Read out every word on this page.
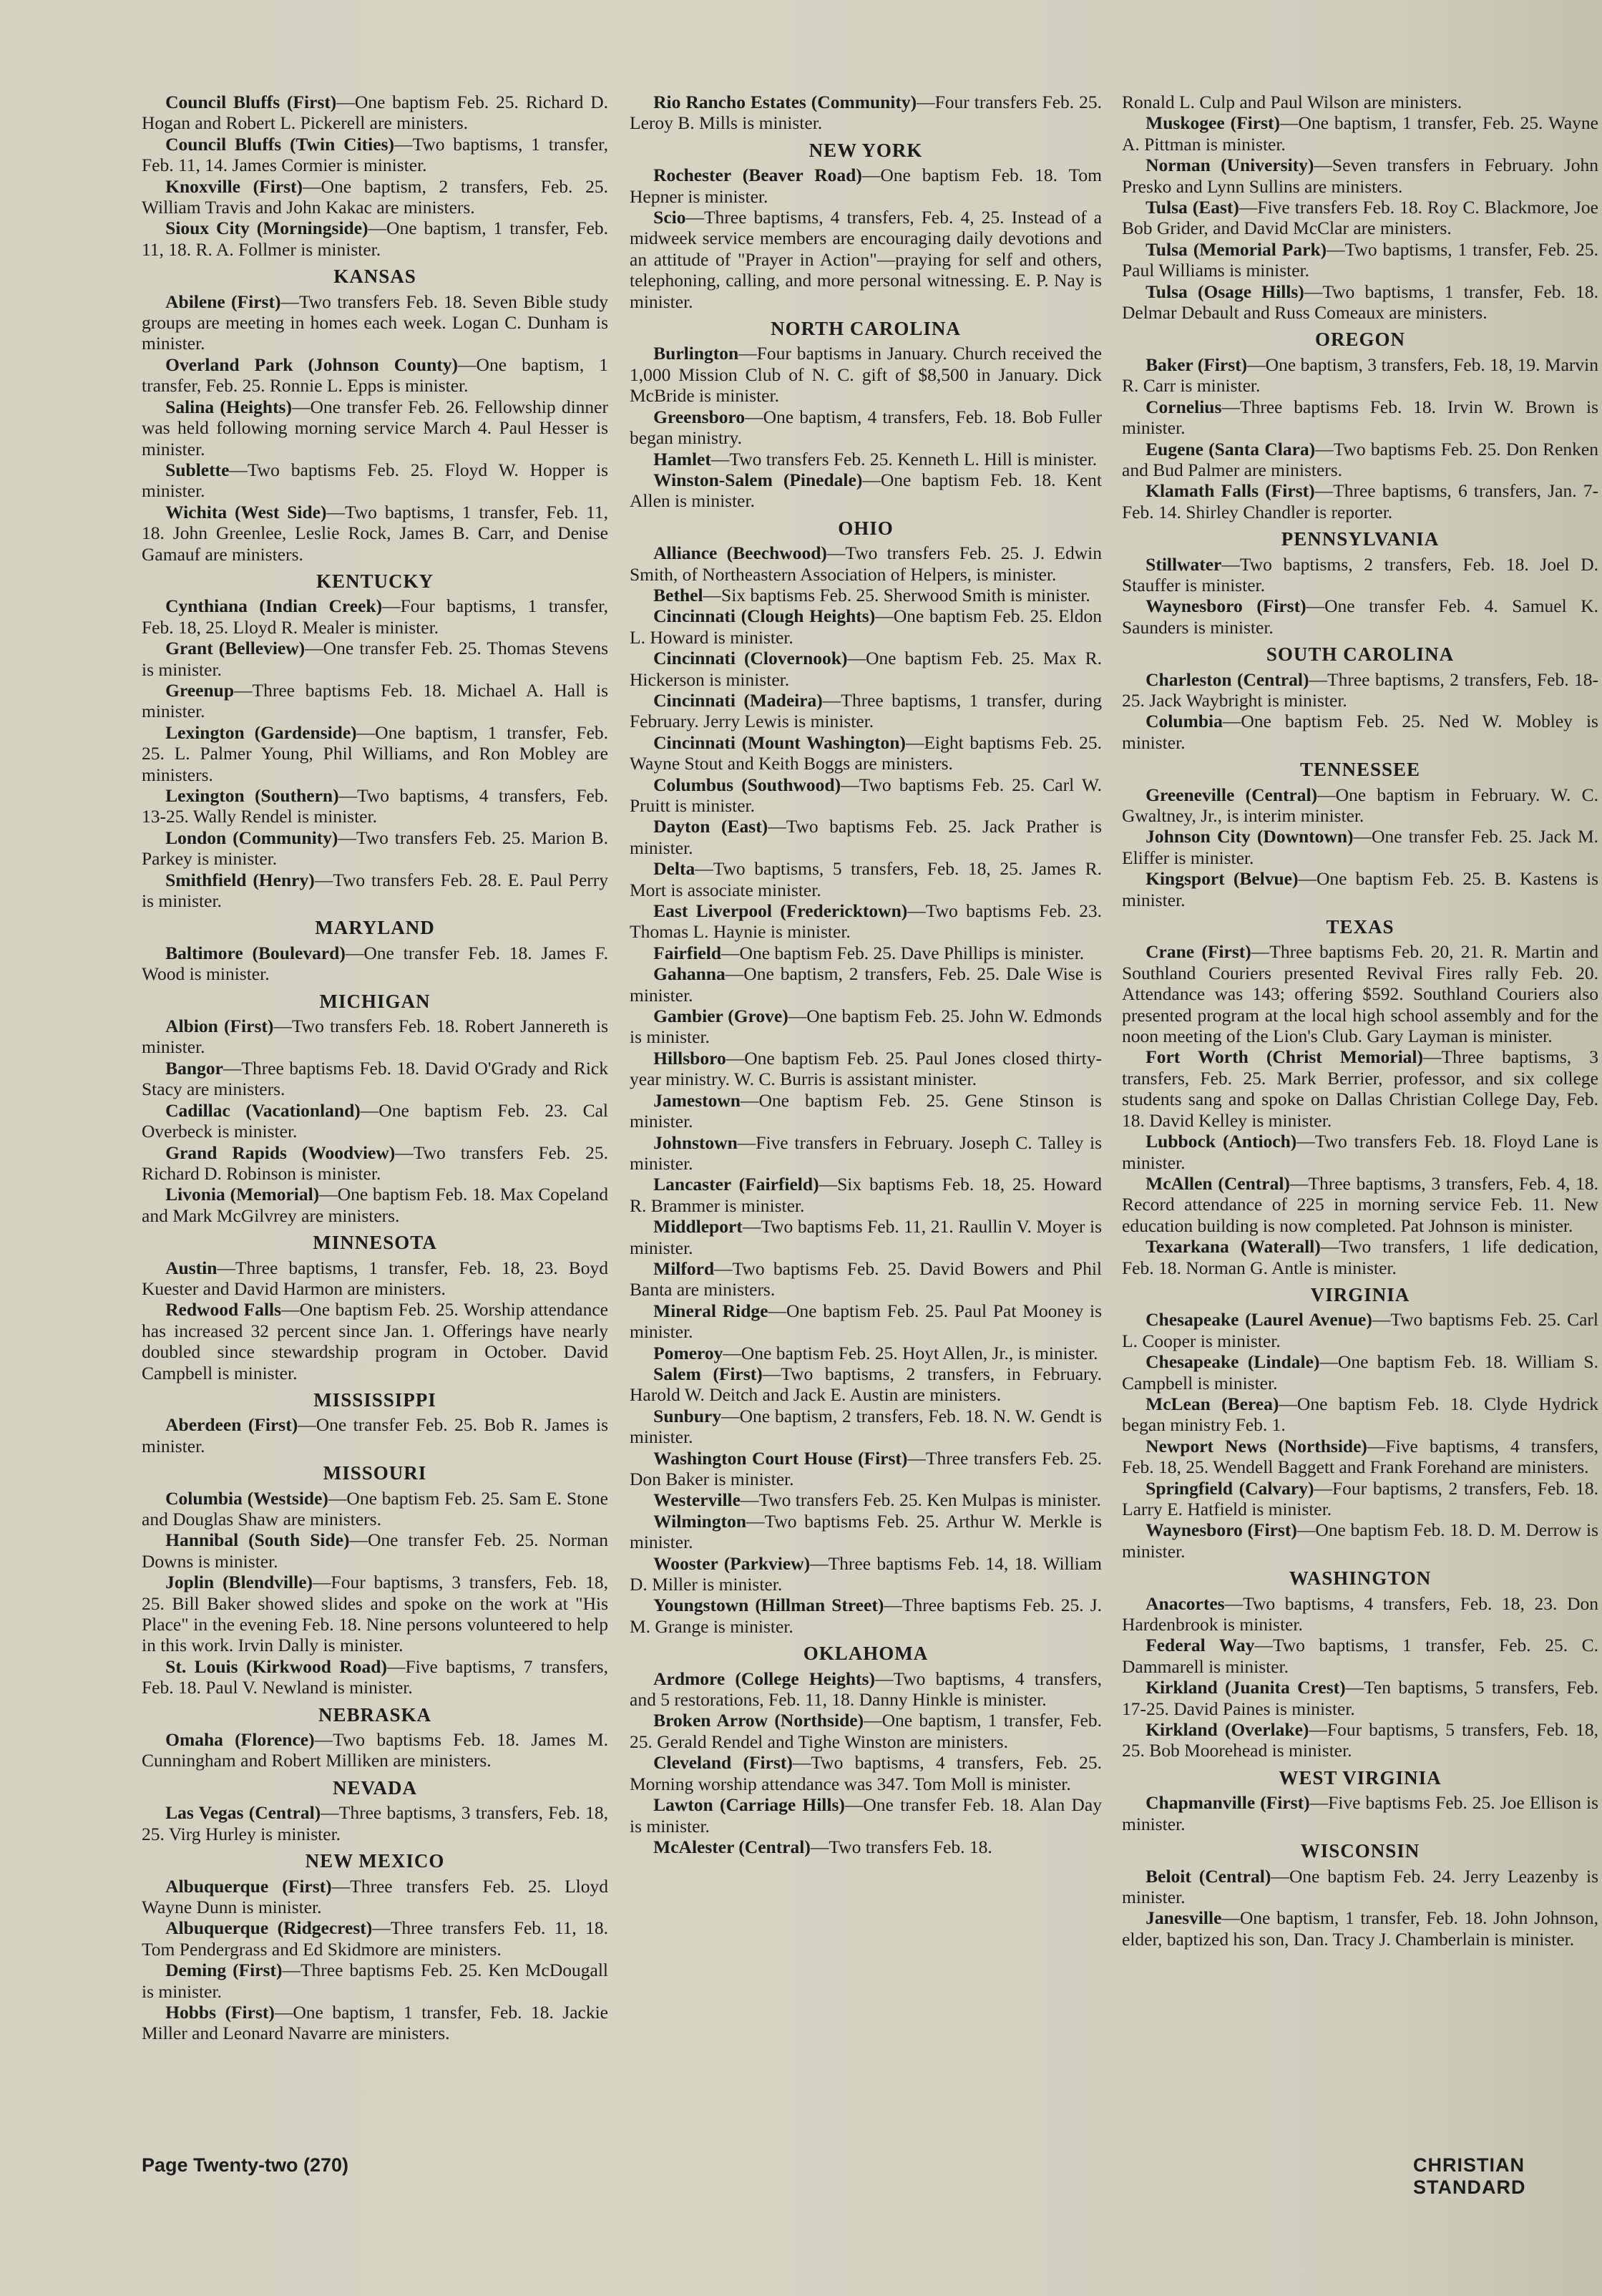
Council Bluffs (First)—One baptism Feb. 25. Richard D. Hogan and Robert L. Pickerell are ministers.

Council Bluffs (Twin Cities)—Two baptisms, 1 transfer, Feb. 11, 14. James Cormier is minister.

Knoxville (First)—One baptism, 2 transfers, Feb. 25. William Travis and John Kakac are ministers.

Sioux City (Morningside)—One baptism, 1 transfer, Feb. 11, 18. R. A. Follmer is minister.

KANSAS

Abilene (First)—Two transfers Feb. 18. Seven Bible study groups are meeting in homes each week. Logan C. Dunham is minister.

Overland Park (Johnson County)—One baptism, 1 transfer, Feb. 25. Ronnie L. Epps is minister.

Salina (Heights)—One transfer Feb. 26. Fellowship dinner was held following morning service March 4. Paul Hesser is minister.

Sublette—Two baptisms Feb. 25. Floyd W. Hopper is minister.

Wichita (West Side)—Two baptisms, 1 transfer, Feb. 11, 18. John Greenlee, Leslie Rock, James B. Carr, and Denise Gamauf are ministers.

KENTUCKY

Cynthiana (Indian Creek)—Four baptisms, 1 transfer, Feb. 18, 25. Lloyd R. Mealer is minister.

Grant (Belleview)—One transfer Feb. 25. Thomas Stevens is minister.

Greenup—Three baptisms Feb. 18. Michael A. Hall is minister.

Lexington (Gardenside)—One baptism, 1 transfer, Feb. 25. L. Palmer Young, Phil Williams, and Ron Mobley are ministers.

Lexington (Southern)—Two baptisms, 4 transfers, Feb. 13-25. Wally Rendel is minister.

London (Community)—Two transfers Feb. 25. Marion B. Parkey is minister.

Smithfield (Henry)—Two transfers Feb. 28. E. Paul Perry is minister.

MARYLAND

Baltimore (Boulevard)—One transfer Feb. 18. James F. Wood is minister.

MICHIGAN

Albion (First)—Two transfers Feb. 18. Robert Jannereth is minister.

Bangor—Three baptisms Feb. 18. David O'Grady and Rick Stacy are ministers.

Cadillac (Vacationland)—One baptism Feb. 23. Cal Overbeck is minister.

Grand Rapids (Woodview)—Two transfers Feb. 25. Richard D. Robinson is minister.

Livonia (Memorial)—One baptism Feb. 18. Max Copeland and Mark McGilvrey are ministers.

MINNESOTA

Austin—Three baptisms, 1 transfer, Feb. 18, 23. Boyd Kuester and David Harmon are ministers.

Redwood Falls—One baptism Feb. 25. Worship attendance has increased 32 percent since Jan. 1. Offerings have nearly doubled since stewardship program in October. David Campbell is minister.

MISSISSIPPI

Aberdeen (First)—One transfer Feb. 25. Bob R. James is minister.

MISSOURI

Columbia (Westside)—One baptism Feb. 25. Sam E. Stone and Douglas Shaw are ministers.

Hannibal (South Side)—One transfer Feb. 25. Norman Downs is minister.

Joplin (Blendville)—Four baptisms, 3 transfers, Feb. 18, 25. Bill Baker showed slides and spoke on the work at "His Place" in the evening Feb. 18. Nine persons volunteered to help in this work. Irvin Dally is minister.

St. Louis (Kirkwood Road)—Five baptisms, 7 transfers, Feb. 18. Paul V. Newland is minister.

NEBRASKA

Omaha (Florence)—Two baptisms Feb. 18. James M. Cunningham and Robert Milliken are ministers.

NEVADA

Las Vegas (Central)—Three baptisms, 3 transfers, Feb. 18, 25. Virg Hurley is minister.

NEW MEXICO

Albuquerque (First)—Three transfers Feb. 25. Lloyd Wayne Dunn is minister.

Albuquerque (Ridgecrest)—Three transfers Feb. 11, 18. Tom Pendergrass and Ed Skidmore are ministers.

Deming (First)—Three baptisms Feb. 25. Ken McDougall is minister.

Hobbs (First)—One baptism, 1 transfer, Feb. 18. Jackie Miller and Leonard Navarre are ministers.

Rio Rancho Estates (Community)—Four transfers Feb. 25. Leroy B. Mills is minister.

NEW YORK

Rochester (Beaver Road)—One baptism Feb. 18. Tom Hepner is minister.

Scio—Three baptisms, 4 transfers, Feb. 4, 25. Instead of a midweek service members are encouraging daily devotions and an attitude of "Prayer in Action"—praying for self and others, telephoning, calling, and more personal witnessing. E. P. Nay is minister.

NORTH CAROLINA

Burlington—Four baptisms in January. Church received the 1,000 Mission Club of N. C. gift of $8,500 in January. Dick McBride is minister.

Greensboro—One baptism, 4 transfers, Feb. 18. Bob Fuller began ministry.

Hamlet—Two transfers Feb. 25. Kenneth L. Hill is minister.

Winston-Salem (Pinedale)—One baptism Feb. 18. Kent Allen is minister.

OHIO

Alliance (Beechwood)—Two transfers Feb. 25. J. Edwin Smith, of Northeastern Association of Helpers, is minister.

Bethel—Six baptisms Feb. 25. Sherwood Smith is minister.

Cincinnati (Clough Heights)—One baptism Feb. 25. Eldon L. Howard is minister.

Cincinnati (Clovernook)—One baptism Feb. 25. Max R. Hickerson is minister.

Cincinnati (Madeira)—Three baptisms, 1 transfer, during February. Jerry Lewis is minister.

Cincinnati (Mount Washington)—Eight baptisms Feb. 25. Wayne Stout and Keith Boggs are ministers.

Columbus (Southwood)—Two baptisms Feb. 25. Carl W. Pruitt is minister.

Dayton (East)—Two baptisms Feb. 25. Jack Prather is minister.

Delta—Two baptisms, 5 transfers, Feb. 18, 25. James R. Mort is associate minister.

East Liverpool (Fredericktown)—Two baptisms Feb. 23. Thomas L. Haynie is minister.

Fairfield—One baptism Feb. 25. Dave Phillips is minister.

Gahanna—One baptism, 2 transfers, Feb. 25. Dale Wise is minister.

Gambier (Grove)—One baptism Feb. 25. John W. Edmonds is minister.

Hillsboro—One baptism Feb. 25. Paul Jones closed thirty-year ministry. W. C. Burris is assistant minister.

Jamestown—One baptism Feb. 25. Gene Stinson is minister.

Johnstown—Five transfers in February. Joseph C. Talley is minister.

Lancaster (Fairfield)—Six baptisms Feb. 18, 25. Howard R. Brammer is minister.

Middleport—Two baptisms Feb. 11, 21. Raullin V. Moyer is minister.

Milford—Two baptisms Feb. 25. David Bowers and Phil Banta are ministers.

Mineral Ridge—One baptism Feb. 25. Paul Pat Mooney is minister.

Pomeroy—One baptism Feb. 25. Hoyt Allen, Jr., is minister.

Salem (First)—Two baptisms, 2 transfers, in February. Harold W. Deitch and Jack E. Austin are ministers.

Sunbury—One baptism, 2 transfers, Feb. 18. N. W. Gendt is minister.

Washington Court House (First)—Three transfers Feb. 25. Don Baker is minister.

Westerville—Two transfers Feb. 25. Ken Mulpas is minister.

Wilmington—Two baptisms Feb. 25. Arthur W. Merkle is minister.

Wooster (Parkview)—Three baptisms Feb. 14, 18. William D. Miller is minister.

Youngstown (Hillman Street)—Three baptisms Feb. 25. J. M. Grange is minister.

OKLAHOMA

Ardmore (College Heights)—Two baptisms, 4 transfers, and 5 restorations, Feb. 11, 18. Danny Hinkle is minister.

Broken Arrow (Northside)—One baptism, 1 transfer, Feb. 25. Gerald Rendel and Tighe Winston are ministers.

Cleveland (First)—Two baptisms, 4 transfers, Feb. 25. Morning worship attendance was 347. Tom Moll is minister.

Lawton (Carriage Hills)—One transfer Feb. 18. Alan Day is minister.

McAlester (Central)—Two transfers Feb. 18.

Ronald L. Culp and Paul Wilson are ministers.

Muskogee (First)—One baptism, 1 transfer, Feb. 25. Wayne A. Pittman is minister.

Norman (University)—Seven transfers in February. John Presko and Lynn Sullins are ministers.

Tulsa (East)—Five transfers Feb. 18. Roy C. Blackmore, Joe Bob Grider, and David McClar are ministers.

Tulsa (Memorial Park)—Two baptisms, 1 transfer, Feb. 25. Paul Williams is minister.

Tulsa (Osage Hills)—Two baptisms, 1 transfer, Feb. 18. Delmar Debault and Russ Comeaux are ministers.

OREGON

Baker (First)—One baptism, 3 transfers, Feb. 18, 19. Marvin R. Carr is minister.

Cornelius—Three baptisms Feb. 18. Irvin W. Brown is minister.

Eugene (Santa Clara)—Two baptisms Feb. 25. Don Renken and Bud Palmer are ministers.

Klamath Falls (First)—Three baptisms, 6 transfers, Jan. 7-Feb. 14. Shirley Chandler is reporter.

PENNSYLVANIA

Stillwater—Two baptisms, 2 transfers, Feb. 18. Joel D. Stauffer is minister.

Waynesboro (First)—One transfer Feb. 4. Samuel K. Saunders is minister.

SOUTH CAROLINA

Charleston (Central)—Three baptisms, 2 transfers, Feb. 18-25. Jack Waybright is minister.

Columbia—One baptism Feb. 25. Ned W. Mobley is minister.

TENNESSEE

Greeneville (Central)—One baptism in February. W. C. Gwaltney, Jr., is interim minister.

Johnson City (Downtown)—One transfer Feb. 25. Jack M. Eliffer is minister.

Kingsport (Belvue)—One baptism Feb. 25. B. Kastens is minister.

TEXAS

Crane (First)—Three baptisms Feb. 20, 21. R. Martin and Southland Couriers presented Revival Fires rally Feb. 20. Attendance was 143; offering $592. Southland Couriers also presented program at the local high school assembly and for the noon meeting of the Lion's Club. Gary Layman is minister.

Fort Worth (Christ Memorial)—Three baptisms, 3 transfers, Feb. 25. Mark Berrier, professor, and six college students sang and spoke on Dallas Christian College Day, Feb. 18. David Kelley is minister.

Lubbock (Antioch)—Two transfers Feb. 18. Floyd Lane is minister.

McAllen (Central)—Three baptisms, 3 transfers, Feb. 4, 18. Record attendance of 225 in morning service Feb. 11. New education building is now completed. Pat Johnson is minister.

Texarkana (Waterall)—Two transfers, 1 life dedication, Feb. 18. Norman G. Antle is minister.

VIRGINIA

Chesapeake (Laurel Avenue)—Two baptisms Feb. 25. Carl L. Cooper is minister.

Chesapeake (Lindale)—One baptism Feb. 18. William S. Campbell is minister.

McLean (Berea)—One baptism Feb. 18. Clyde Hydrick began ministry Feb. 1.

Newport News (Northside)—Five baptisms, 4 transfers, Feb. 18, 25. Wendell Baggett and Frank Forehand are ministers.

Springfield (Calvary)—Four baptisms, 2 transfers, Feb. 18. Larry E. Hatfield is minister.

Waynesboro (First)—One baptism Feb. 18. D. M. Derrow is minister.

WASHINGTON

Anacortes—Two baptisms, 4 transfers, Feb. 18, 23. Don Hardenbrook is minister.

Federal Way—Two baptisms, 1 transfer, Feb. 25. C. Dammarell is minister.

Kirkland (Juanita Crest)—Ten baptisms, 5 transfers, Feb. 17-25. David Paines is minister.

Kirkland (Overlake)—Four baptisms, 5 transfers, Feb. 18, 25. Bob Moorehead is minister.

WEST VIRGINIA

Chapmanville (First)—Five baptisms Feb. 25. Joe Ellison is minister.

WISCONSIN

Beloit (Central)—One baptism Feb. 24. Jerry Leazenby is minister.

Janesville—One baptism, 1 transfer, Feb. 18. John Johnson, elder, baptized his son, Dan. Tracy J. Chamberlain is minister.

Page Twenty-two (270)	CHRISTIAN STANDARD
